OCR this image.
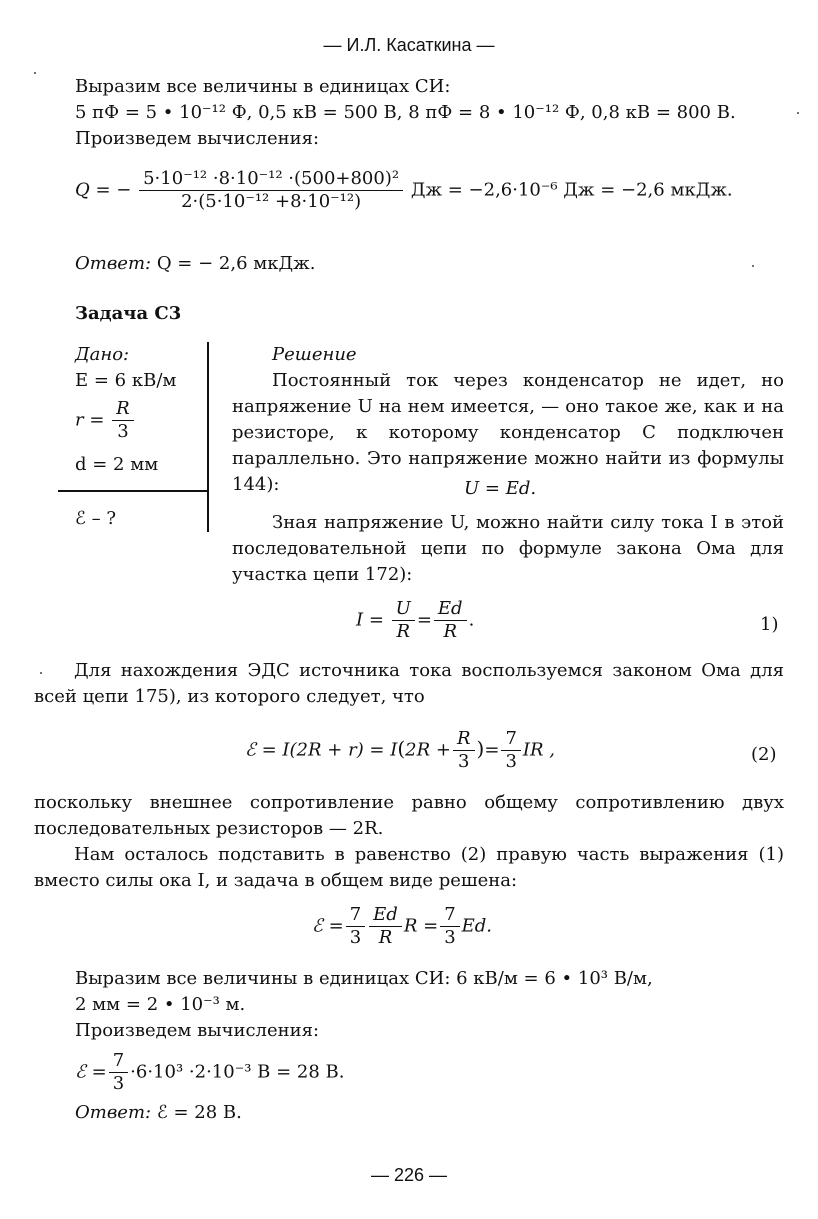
— И.Л. Касаткина —
Выразим все величины в единицах СИ:
5 пФ = 5 • 10⁻¹² Ф, 0,5 кВ = 500 В, 8 пФ = 8 • 10⁻¹² Ф, 0,8 кВ = 800 В.
Произведем вычисления:
Q = − $\frac{\text{5·10⁻¹² ·8·10⁻¹² ·(500+800)²}}{\text{2·(5·10⁻¹² +8·10⁻¹²)}}$ Дж = −2,6·10⁻⁶ Дж = −2,6 мкДж.
Ответ: Q = − 2,6 мкДж.
Задача С3
Дано:
E = 6 кВ/м
$r = \frac{R}{3}$
d = 2 мм
ℰ – ?
Решение
Постоянный ток через конденсатор не идет, но напряжение U на нем имеется, — оно такое же, как и на резисторе, к которому конденсатор C подключен параллельно. Это напряжение можно найти из формулы 144):	U = Ed.
Зная напряжение U, можно найти силу тока I в этой последовательной цепи по формуле закона Ома для участка цепи 172):
$I = \frac{U}{R} = \frac{Ed}{R}$ .	1)
Для нахождения ЭДС источника тока воспользуемся законом Ома для всей цепи 175), из которого следует, что
ℰ = $I(2R + r) = I(2R + \frac{R}{3}$ )= $\frac{7}{3}$ IR ,	(2)
поскольку внешнее сопротивление равно общему сопротивлению двух последовательных резисторов — 2R.
Нам осталось подставить в равенство (2) правую часть выражения (1) вместо силы ока I, и задача в общем виде решена:
ℰ = $\frac{7}{3} \frac{Ed}{R}$ $R = \frac{7}{3} Ed$.
Выразим все величины в единицах СИ: 6 кВ/м = 6 • 10³ В/м,
2 мм = 2 • 10⁻³ м.
Произведем вычисления:
ℰ = $\frac{7}{3} \cdot 6\cdot 10^3 \cdot 2\cdot 10^{-3}$ В = 28 В.
Ответ: ℰ = 28 В.
— 226 —
